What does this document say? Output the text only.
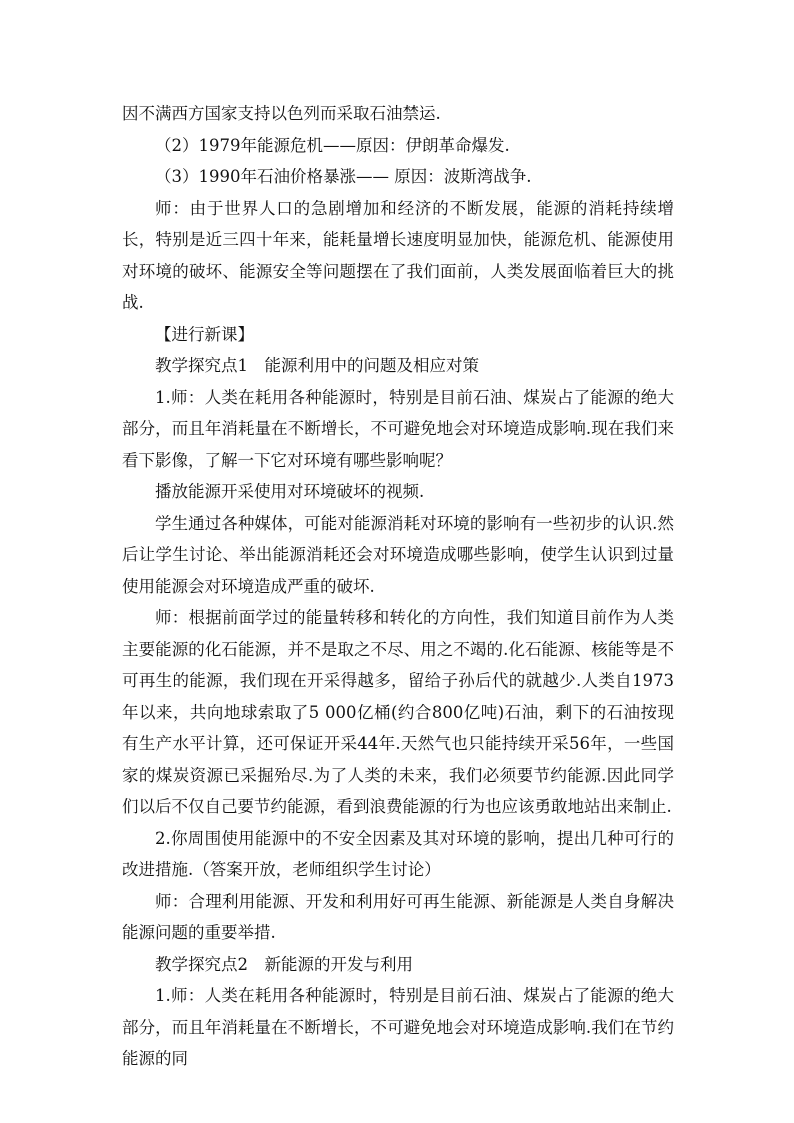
因不满西方国家支持以色列而采取石油禁运.

（2）1979年能源危机——原因：伊朗革命爆发.

（3）1990年石油价格暴涨—— 原因：波斯湾战争.

师：由于世界人口的急剧增加和经济的不断发展，能源的消耗持续增长，特别是近三四十年来，能耗量增长速度明显加快，能源危机、能源使用对环境的破坏、能源安全等问题摆在了我们面前，人类发展面临着巨大的挑战.

【进行新课】

教学探究点1　能源利用中的问题及相应对策

1.师：人类在耗用各种能源时，特别是目前石油、煤炭占了能源的绝大部分，而且年消耗量在不断增长，不可避免地会对环境造成影响.现在我们来看下影像，了解一下它对环境有哪些影响呢？

播放能源开采使用对环境破坏的视频.

学生通过各种媒体，可能对能源消耗对环境的影响有一些初步的认识.然后让学生讨论、举出能源消耗还会对环境造成哪些影响，使学生认识到过量使用能源会对环境造成严重的破坏.

师：根据前面学过的能量转移和转化的方向性，我们知道目前作为人类主要能源的化石能源，并不是取之不尽、用之不竭的.化石能源、核能等是不可再生的能源，我们现在开采得越多，留给子孙后代的就越少.人类自1973年以来，共向地球索取了5 000亿桶(约合800亿吨)石油，剩下的石油按现有生产水平计算，还可保证开采44年.天然气也只能持续开采56年，一些国家的煤炭资源已采掘殆尽.为了人类的未来，我们必须要节约能源.因此同学们以后不仅自己要节约能源，看到浪费能源的行为也应该勇敢地站出来制止.

2.你周围使用能源中的不安全因素及其对环境的影响，提出几种可行的改进措施.（答案开放，老师组织学生讨论）

师：合理利用能源、开发和利用好可再生能源、新能源是人类自身解决能源问题的重要举措.

教学探究点2　新能源的开发与利用

1.师：人类在耗用各种能源时，特别是目前石油、煤炭占了能源的绝大部分，而且年消耗量在不断增长，不可避免地会对环境造成影响.我们在节约能源的同
